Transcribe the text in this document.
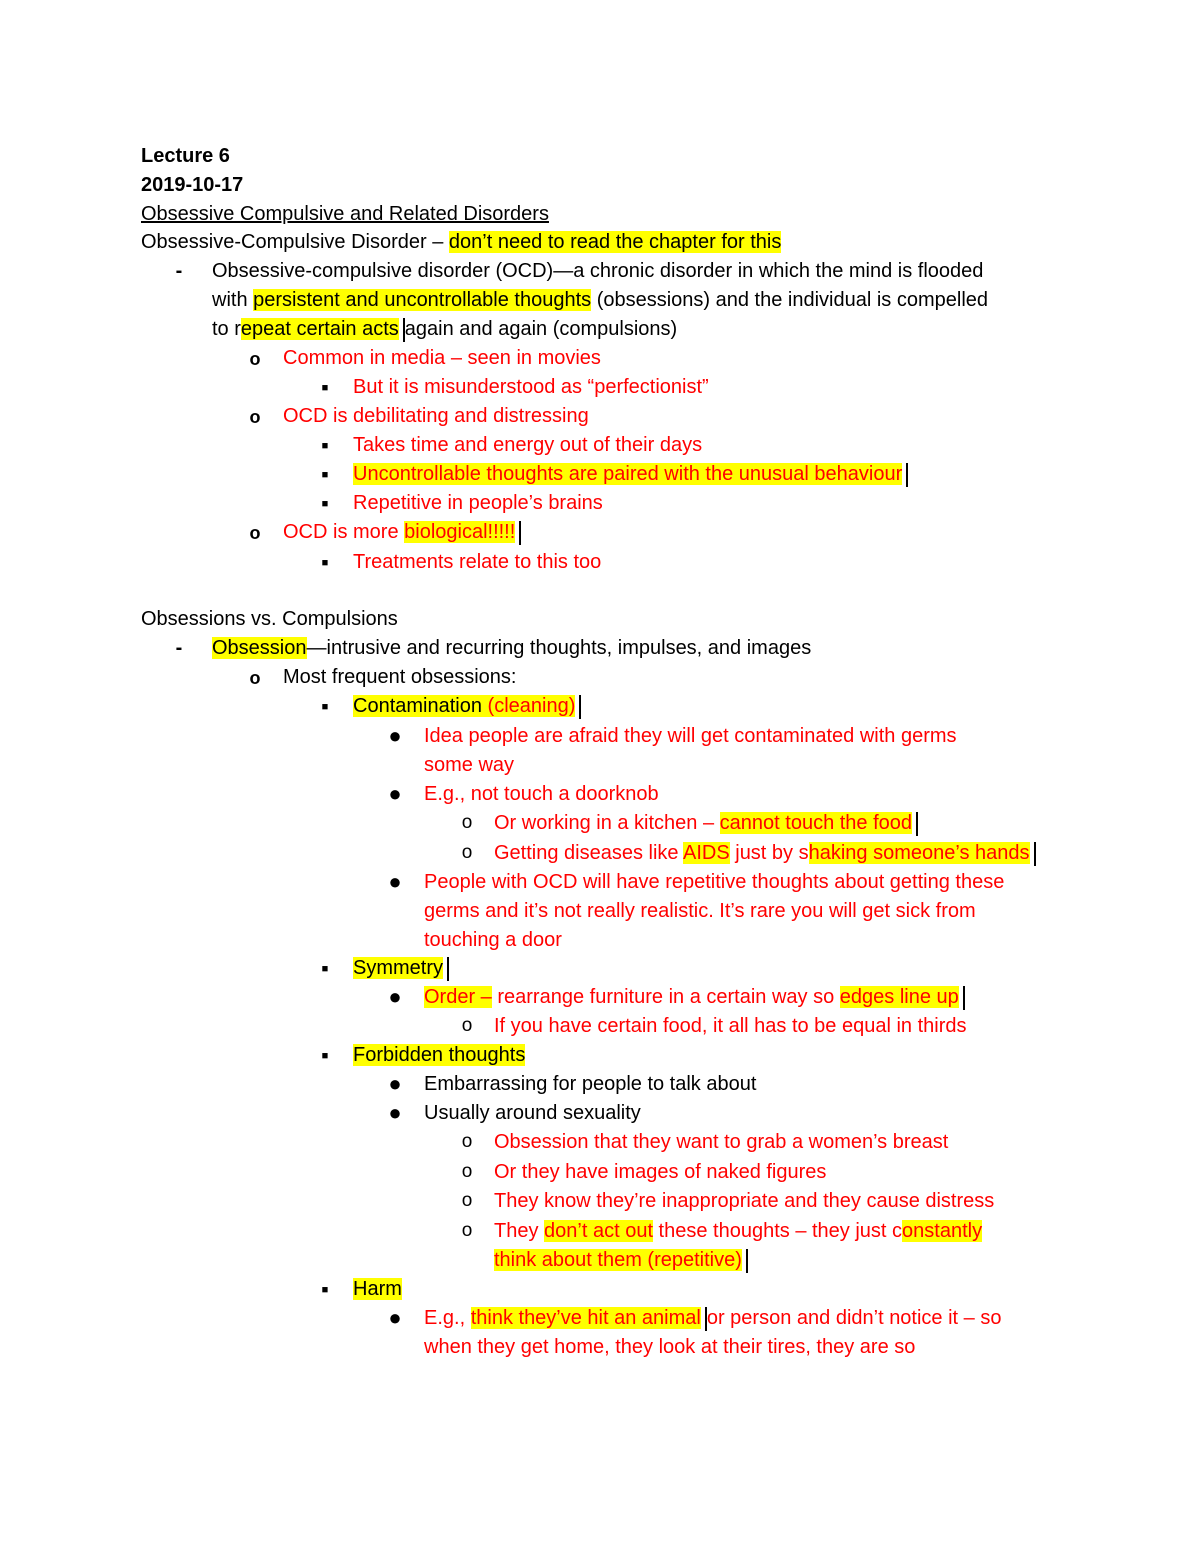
Lecture 6
2019-10-17
Obsessive Compulsive and Related Disorders
Obsessive-Compulsive Disorder – don’t need to read the chapter for this
-	Obsessive-compulsive disorder (OCD)—a chronic disorder in which the mind is flooded
with persistent and uncontrollable thoughts (obsessions) and the individual is compelled
to repeat certain acts again and again (compulsions)
o Common in media – seen in movies
■	But it is misunderstood as “perfectionist”
o OCD is debilitating and distressing
■	Takes time and energy out of their days
■	Uncontrollable thoughts are paired with the unusual behaviour
■	Repetitive in people’s brains
o OCD is more biological!!!!!
■	Treatments relate to this too
Obsessions vs. Compulsions
-	Obsession—intrusive and recurring thoughts, impulses, and images
o Most frequent obsessions:
■	Contamination (cleaning)
● Idea people are afraid they will get contaminated with germs
some way
● E.g., not touch a doorknob
o Or working in a kitchen – cannot touch the food
o Getting diseases like AIDS just by shaking someone’s hands
● People with OCD will have repetitive thoughts about getting these
germs and it’s not really realistic. It’s rare you will get sick from
touching a door
■	Symmetry
● Order – rearrange furniture in a certain way so edges line up
o If you have certain food, it all has to be equal in thirds
■	Forbidden thoughts
● Embarrassing for people to talk about
● Usually around sexuality
o Obsession that they want to grab a women’s breast
o Or they have images of naked figures
o They know they’re inappropriate and they cause distress
o They don’t act out these thoughts – they just constantly
think about them (repetitive)
■	Harm
● E.g., think they’ve hit an animal or person and didn’t notice it – so
when they get home, they look at their tires, they are so
